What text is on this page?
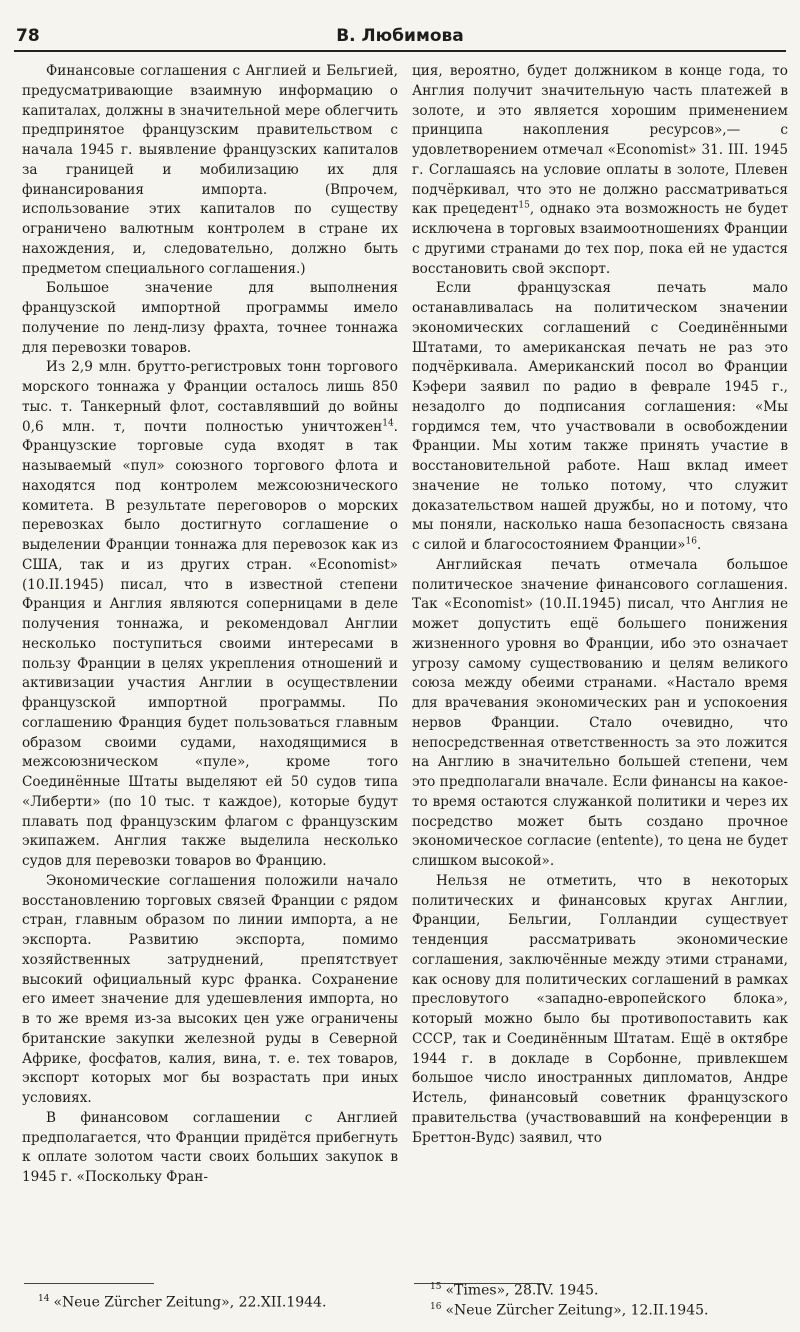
78	В. Любимова

Финансовые соглашения с Англией и Бельгией, предусматривающие взаимную информацию о капиталах, должны в значительной мере облегчить предпринятое французским правительством с начала 1945 г. выявление французских капиталов за границей и мобилизацию их для финансирования импорта. (Впрочем, использование этих капиталов по существу ограничено валютным контролем в стране их нахождения, и, следовательно, должно быть предметом специального соглашения.)

Большое значение для выполнения французской импортной программы имело получение по ленд-лизу фрахта, точнее тоннажа для перевозки товаров.

Из 2,9 млн. брутто-регистровых тонн торгового морского тоннажа у Франции осталось лишь 850 тыс. т. Танкерный флот, составлявший до войны 0,6 млн. т, почти полностью уничтожен$^{14}$. Французские торговые суда входят в так называемый «пул» союзного торгового флота и находятся под контролем межсоюзнического комитета. В результате переговоров о морских перевозках было достигнуто соглашение о выделении Франции тоннажа для перевозок как из США, так и из других стран. «Economist» (10.II.1945) писал, что в известной степени Франция и Англия являются соперницами в деле получения тоннажа, и рекомендовал Англии несколько поступиться своими интересами в пользу Франции в целях укрепления отношений и активизации участия Англии в осуществлении французской импортной программы. По соглашению Франция будет пользоваться главным образом своими судами, находящимися в межсоюзническом «пуле», кроме того Соединённые Штаты выделяют ей 50 судов типа «Либерти» (по 10 тыс. т каждое), которые будут плавать под французским флагом с французским экипажем. Англия также выделила несколько судов для перевозки товаров во Францию.

Экономические соглашения положили начало восстановлению торговых связей Франции с рядом стран, главным образом по линии импорта, а не экспорта. Развитию экспорта, помимо хозяйственных затруднений, препятствует высокий официальный курс франка. Сохранение его имеет значение для удешевления импорта, но в то же время из-за высоких цен уже ограничены британские закупки железной руды в Северной Африке, фосфатов, калия, вина, т. е. тех товаров, экспорт которых мог бы возрастать при иных условиях.

В финансовом соглашении с Англией предполагается, что Франции придётся прибегнуть к оплате золотом части своих больших закупок в 1945 г. «Поскольку Фран-

ция, вероятно, будет должником в конце года, то Англия получит значительную часть платежей в золоте, и это является хорошим применением принципа накопления ресурсов»,— с удовлетворением отмечал «Economist» 31. III. 1945 г. Соглашаясь на условие оплаты в золоте, Плевен подчёркивал, что это не должно рассматриваться как прецедент$^{15}$, однако эта возможность не будет исключена в торговых взаимоотношениях Франции с другими странами до тех пор, пока ей не удастся восстановить свой экспорт.

Если французская печать мало останавливалась на политическом значении экономических соглашений с Соединёнными Штатами, то американская печать не раз это подчёркивала. Американский посол во Франции Кэфери заявил по радио в феврале 1945 г., незадолго до подписания соглашения: «Мы гордимся тем, что участвовали в освобождении Франции. Мы хотим также принять участие в восстановительной работе. Наш вклад имеет значение не только потому, что служит доказательством нашей дружбы, но и потому, что мы поняли, насколько наша безопасность связана с силой и благосостоянием Франции»$^{16}$.

Английская печать отмечала большое политическое значение финансового соглашения. Так «Economist» (10.II.1945) писал, что Англия не может допустить ещё большего понижения жизненного уровня во Франции, ибо это означает угрозу самому существованию и целям великого союза между обеими странами. «Настало время для врачевания экономических ран и успокоения нервов Франции. Стало очевидно, что непосредственная ответственность за это ложится на Англию в значительно большей степени, чем это предполагали вначале. Если финансы на какое-то время остаются служанкой политики и через их посредство может быть создано прочное экономическое согласие (entente), то цена не будет слишком высокой».

Нельзя не отметить, что в некоторых политических и финансовых кругах Англии, Франции, Бельгии, Голландии существует тенденция рассматривать экономические соглашения, заключённые между этими странами, как основу для политических соглашений в рамках пресловутого «западно-европейского блока», который можно было бы противопоставить как СССР, так и Соединённым Штатам. Ещё в октябре 1944 г. в докладе в Сорбонне, привлекшем большое число иностранных дипломатов, Андре Истель, финансовый советник французского правительства (участвовавший на конференции в Бреттон-Вудс) заявил, что

$^{14}$ «Neue Zürcher Zeitung», 22.XII.1944.
$^{15}$ «Times», 28.IV. 1945.
$^{16}$ «Neue Zürcher Zeitung», 12.II.1945.
